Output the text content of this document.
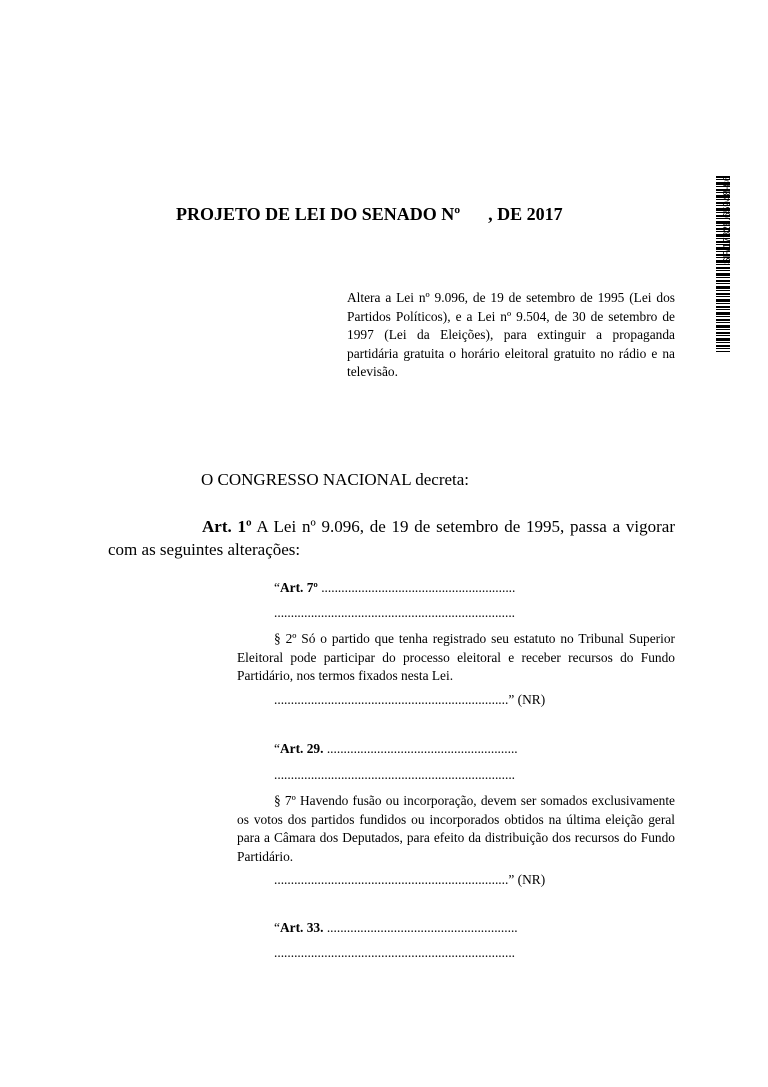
PROJETO DE LEI DO SENADO Nº , DE 2017
Altera a Lei nº 9.096, de 19 de setembro de 1995 (Lei dos Partidos Políticos), e a Lei nº 9.504, de 30 de setembro de 1997 (Lei da Eleições), para extinguir a propaganda partidária gratuita o horário eleitoral gratuito no rádio e na televisão.
O CONGRESSO NACIONAL decreta:
Art. 1º A Lei nº 9.096, de 19 de setembro de 1995, passa a vigorar com as seguintes alterações:
“Art. 7º ..........................................................
........................................................................
§ 2º Só o partido que tenha registrado seu estatuto no Tribunal Superior Eleitoral pode participar do processo eleitoral e receber recursos do Fundo Partidário, nos termos fixados nesta Lei.
......................................................................” (NR)
“Art. 29. .........................................................
........................................................................
§ 7º Havendo fusão ou incorporação, devem ser somados exclusivamente os votos dos partidos fundidos ou incorporados obtidos na última eleição geral para a Câmara dos Deputados, para efeito da distribuição dos recursos do Fundo Partidário.
......................................................................” (NR)
“Art. 33. .........................................................
........................................................................
SF/17826.65948-86
